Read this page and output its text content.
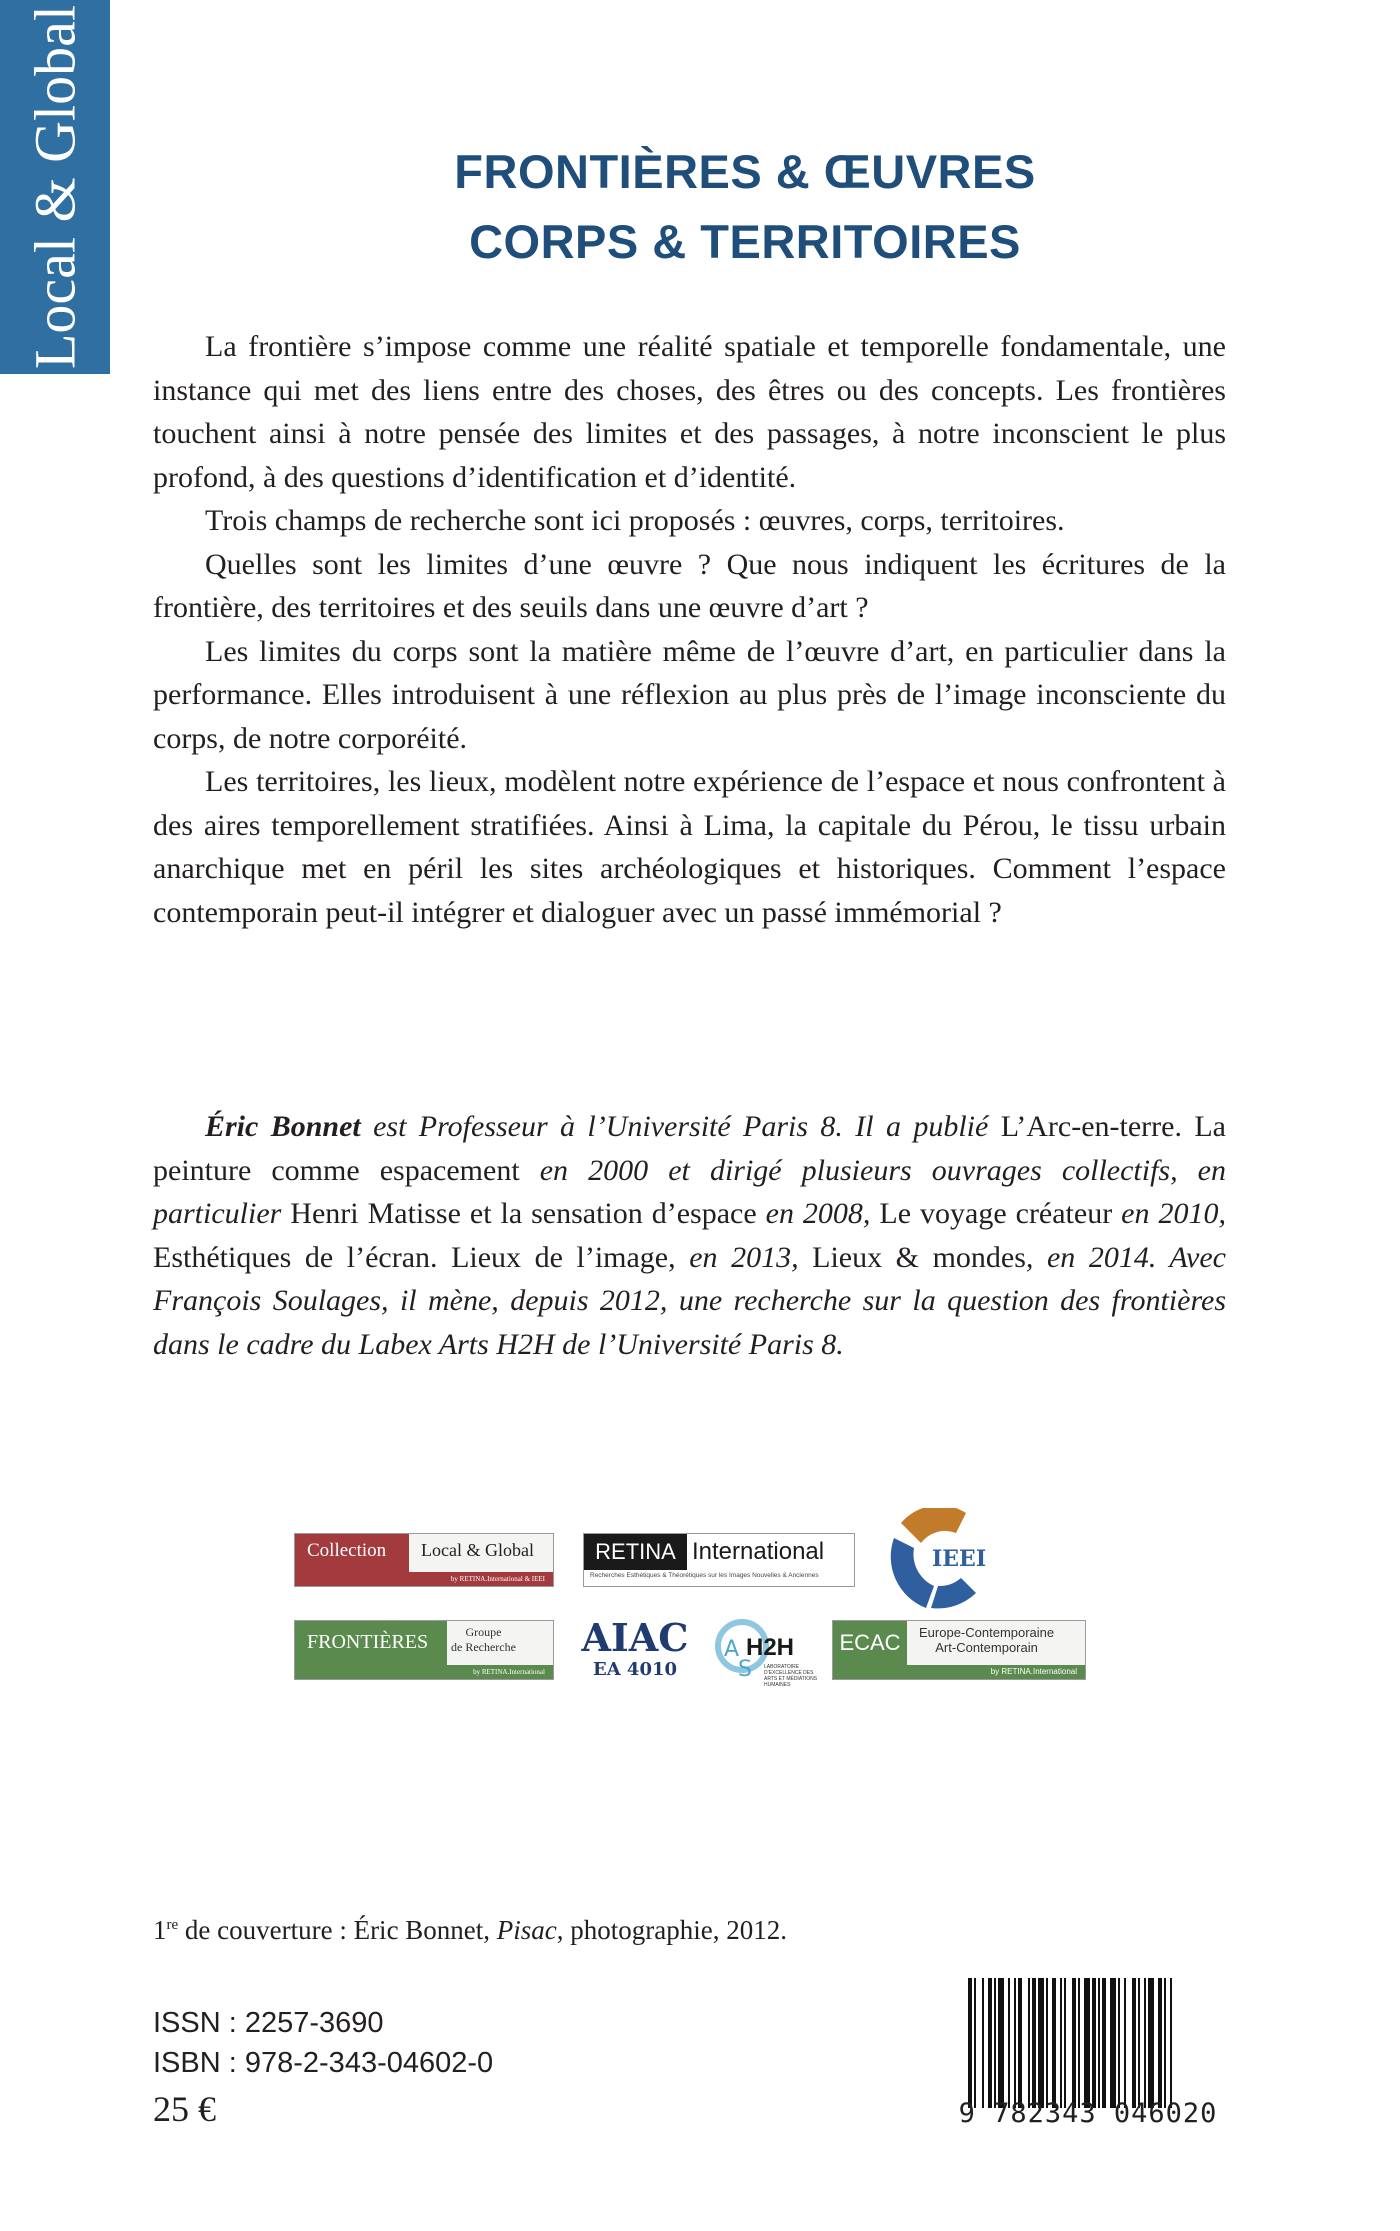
Local & Global	FRONTIÈRES & ŒUVRES
CORPS & TERRITOIRES

La frontière s’impose comme une réalité spatiale et temporelle fondamentale, une instance qui met des liens entre des choses, des êtres ou des concepts. Les frontières touchent ainsi à notre pensée des limites et des passages, à notre inconscient le plus profond, à des questions d’identification et d’identité.

Trois champs de recherche sont ici proposés : œuvres, corps, territoires.

Quelles sont les limites d’une œuvre ? Que nous indiquent les écritures de la frontière, des territoires et des seuils dans une œuvre d’art ?

Les limites du corps sont la matière même de l’œuvre d’art, en particulier dans la performance. Elles introduisent à une réflexion au plus près de l’image inconsciente du corps, de notre corporéité.

Les territoires, les lieux, modèlent notre expérience de l’espace et nous confrontent à des aires temporellement stratifiées. Ainsi à Lima, la capitale du Pérou, le tissu urbain anarchique met en péril les sites archéologiques et historiques. Comment l’espace contemporain peut-il intégrer et dialoguer avec un passé immémorial ?

Éric Bonnet est Professeur à l’Université Paris 8. Il a publié L’Arc-en-terre. La peinture comme espacement en 2000 et dirigé plusieurs ouvrages collectifs, en particulier Henri Matisse et la sensation d’espace en 2008, Le voyage créateur en 2010, Esthétiques de l’écran. Lieux de l’image, en 2013, Lieux & mondes, en 2014. Avec François Soulages, il mène, depuis 2012, une recherche sur la question des frontières dans le cadre du Labex Arts H2H de l’Université Paris 8.

Collection	Local & Global
by RETINA.International & IEEI
RETINA International
Recherches Esthétiques & Théorétiques sur les Images Nouvelles & Anciennes
IEEI
FRONTIÈRES	Groupe
de Recherche
by RETINA.International
AIAC
EA 4010
A
S
H2H
LABORATOIRE D’EXCELLENCE DES ARTS ET MÉDIATIONS HUMAINES
ECAC	Europe-Contemporaine
Art-Contemporain
by RETINA.International
1re de couverture : Éric Bonnet, Pisac, photographie, 2012.
ISSN : 2257-3690
ISBN : 978-2-343-04602-0
25 €	9 782343 046020
